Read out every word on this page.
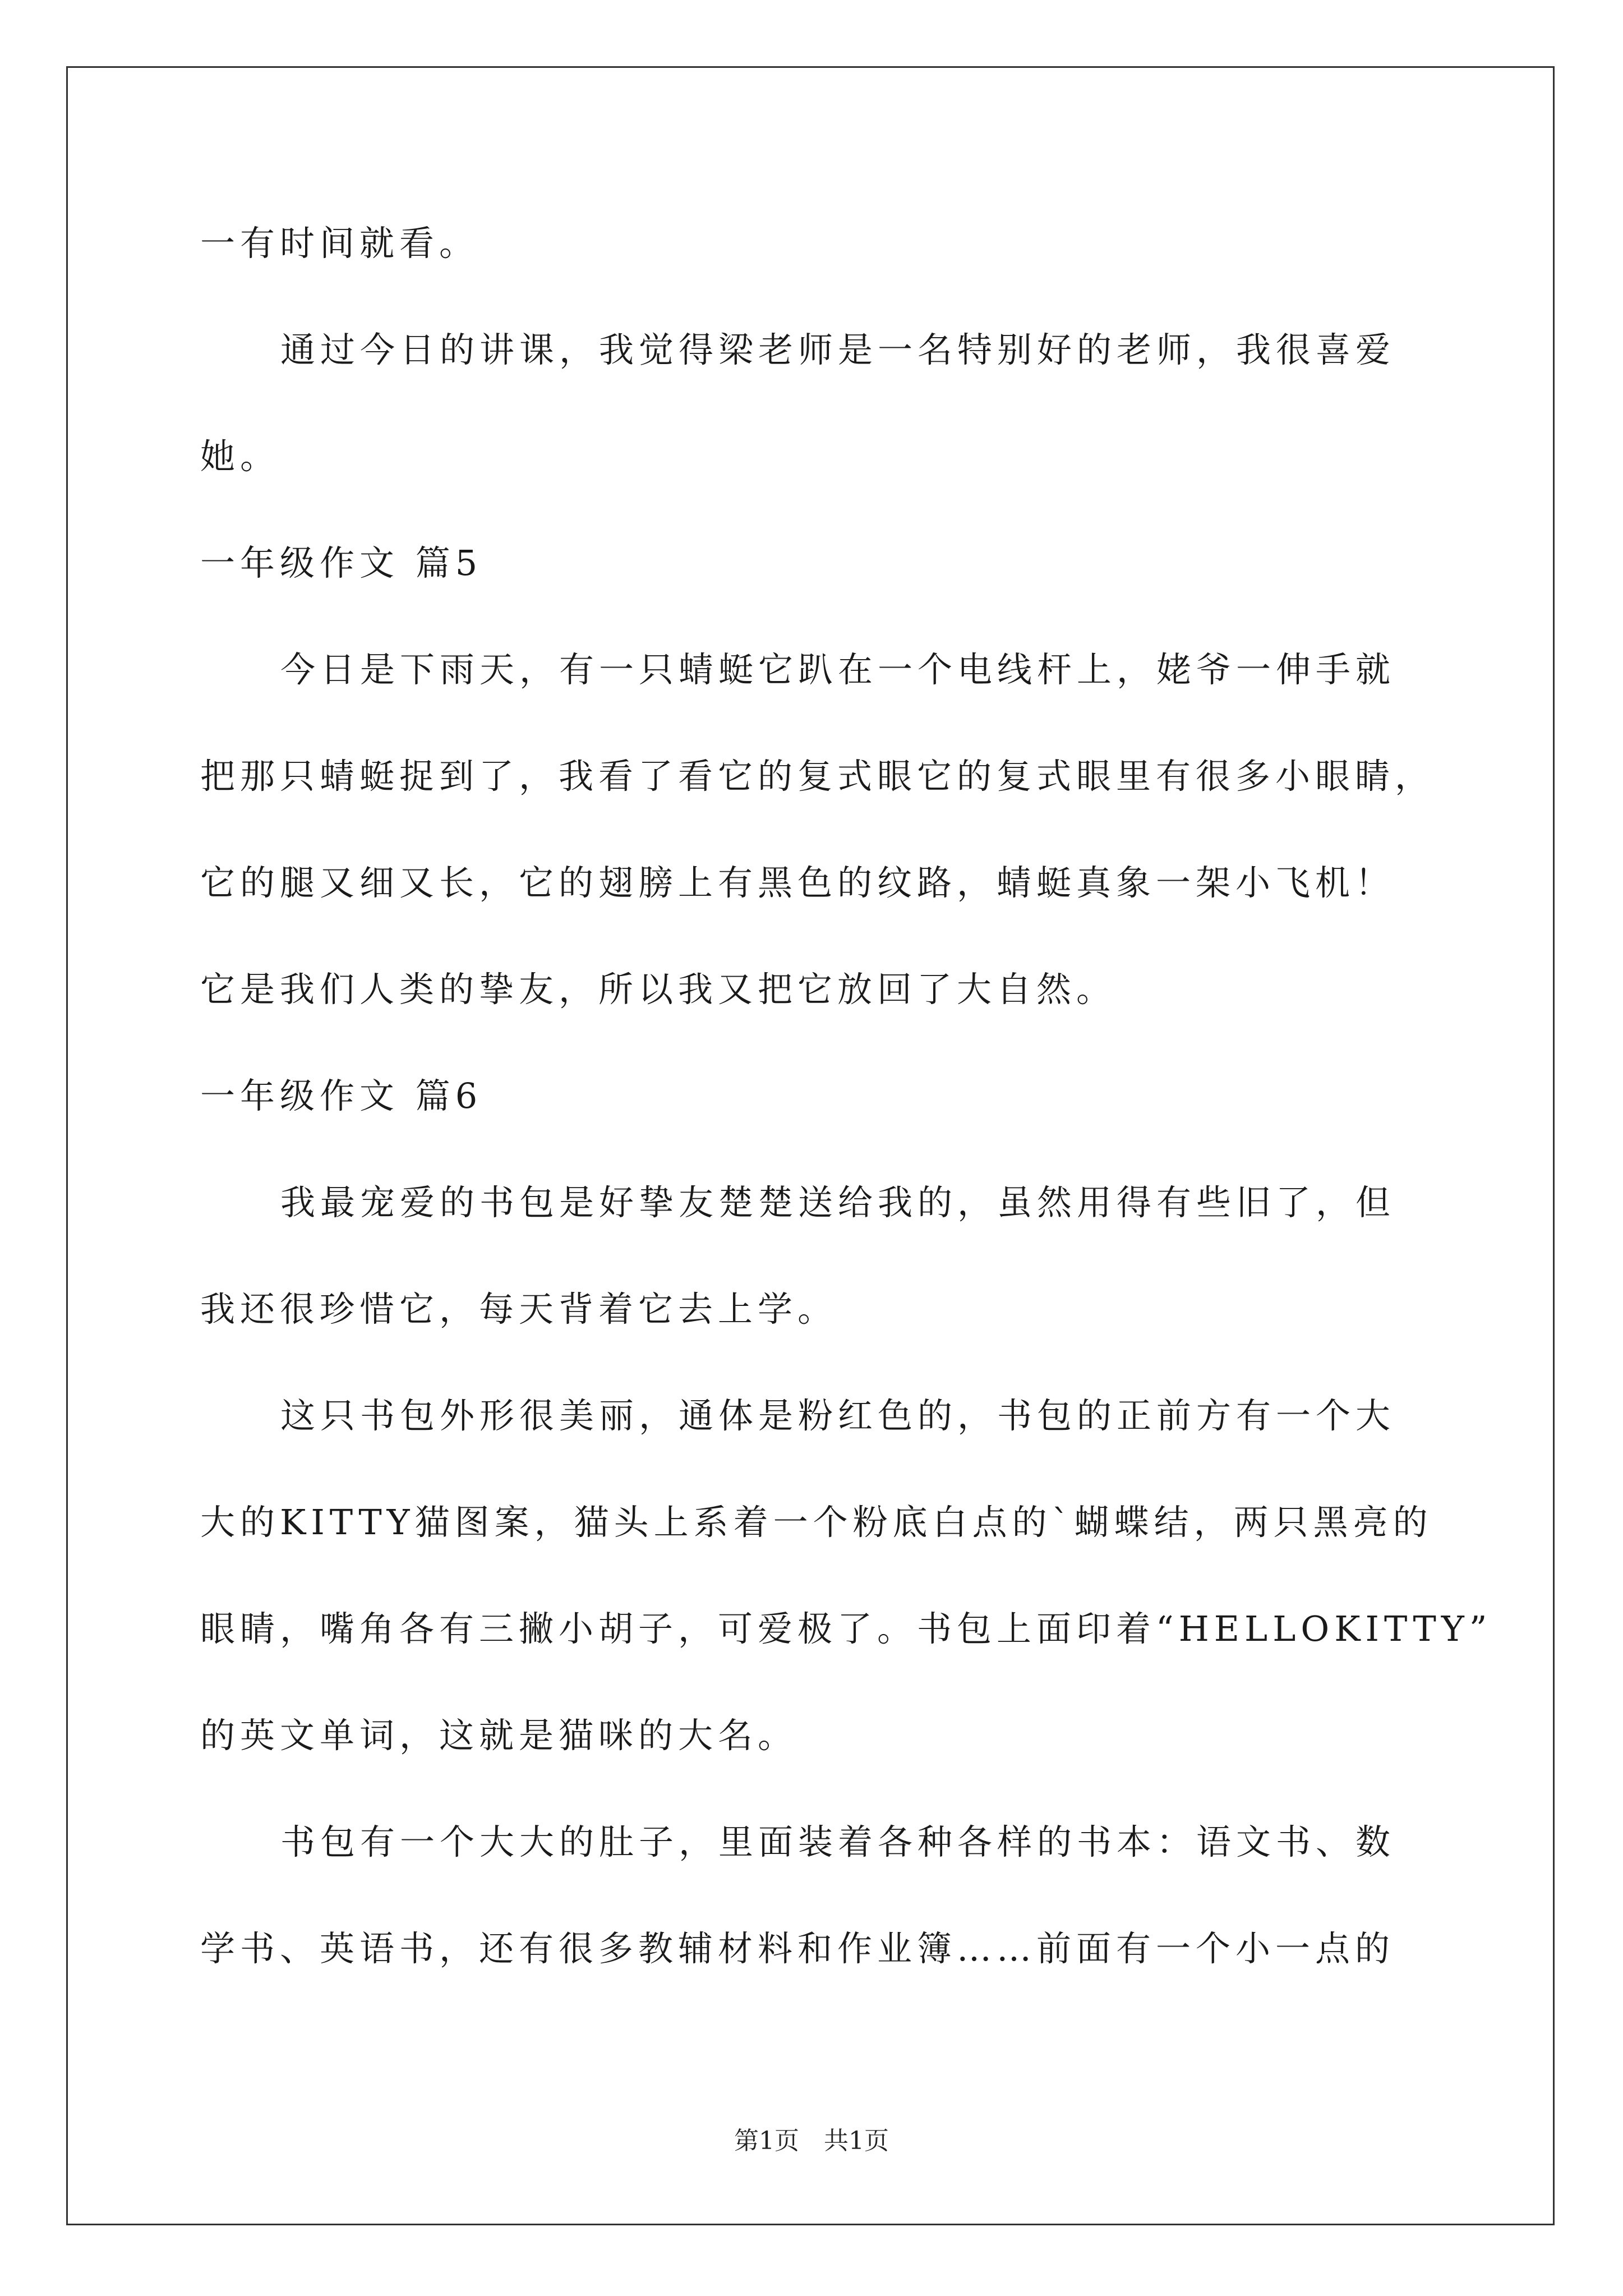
一有时间就看。
通过今日的讲课，我觉得梁老师是一名特别好的老师，我很喜爱
她。
一年级作文 篇5
今日是下雨天，有一只蜻蜓它趴在一个电线杆上，姥爷一伸手就
把那只蜻蜓捉到了，我看了看它的复式眼它的复式眼里有很多小眼睛，
它的腿又细又长，它的翅膀上有黑色的纹路，蜻蜓真象一架小飞机！
它是我们人类的挚友，所以我又把它放回了大自然。
一年级作文 篇6
我最宠爱的书包是好挚友楚楚送给我的，虽然用得有些旧了，但
我还很珍惜它，每天背着它去上学。
这只书包外形很美丽，通体是粉红色的，书包的正前方有一个大
大的KITTY猫图案，猫头上系着一个粉底白点的`蝴蝶结，两只黑亮的
眼睛，嘴角各有三撇小胡子，可爱极了。书包上面印着“HELLOKITTY”
的英文单词，这就是猫咪的大名。
书包有一个大大的肚子，里面装着各种各样的书本：语文书、数
学书、英语书，还有很多教辅材料和作业簿……前面有一个小一点的
第1页　共1页
